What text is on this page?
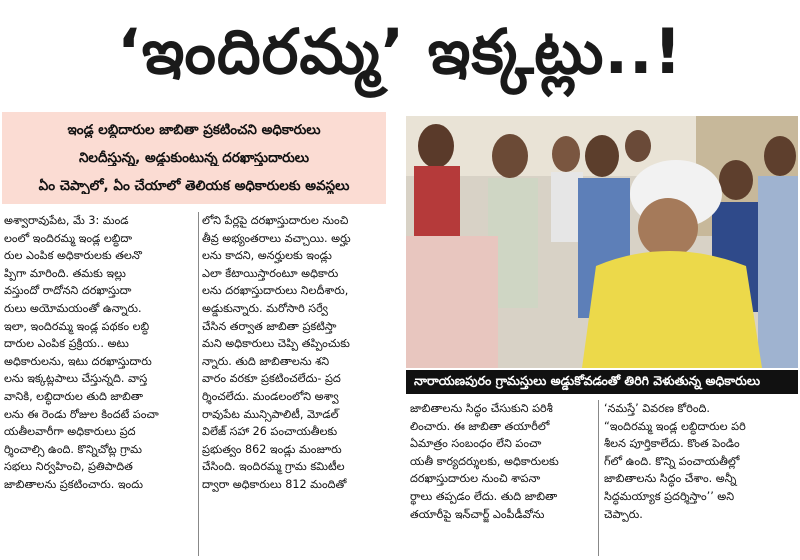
‘ఇందిరమ్మ’ ఇక్కట్లు..!
ఇండ్ల లబ్ధిదారుల జాబితా ప్రకటించని అధికారులు
నిలదీస్తున్న, అడ్డుకుంటున్న దరఖాస్తుదారులు
ఏం చెప్పాలో, ఏం చేయాలో తెలియక అధికారులకు అవస్థలు
నారాయణపురం గ్రామస్తులు అడ్డుకోవడంతో తిరిగి వెళుతున్న అధికారులు

అశ్వారావుపేట, మే 3: మండ

లంలో ఇందిరమ్మ ఇండ్ల లబ్ధిదా

రుల ఎంపిక అధికారులకు తలనొ

ప్పిగా మారింది. తమకు ఇల్లు

వస్తుందో రాదోనని దరఖాస్తుదా

రులు అయోమయంతో ఉన్నారు.

ఇలా, ఇందిరమ్మ ఇండ్ల పథకం లబ్ధి

దారుల ఎంపిక ప్రక్రియ.. అటు

అధికారులను, ఇటు దరఖాస్తుదారు

లను ఇక్కట్లపాలు చేస్తున్నది. వాస్త

వానికి, లబ్ధిదారుల తుది జాబితా

లను ఈ రెండు రోజుల కిందటే పంచా

యతీలవారీగా అధికారులు ప్రద

ర్శించాల్సి ఉంది. కొన్నిచోట్ల గ్రామ

సభలు నిర్వహించి, ప్రతిపాదిత

జాబితాలను ప్రకటించారు. ఇందు

లోని పేర్లపై దరఖాస్తుదారుల నుంచి

తీవ్ర అభ్యంతరాలు వచ్చాయి. అర్హు

లను కాదని, అనర్హులకు ఇండ్లు

ఎలా కేటాయిస్తారంటూ అధికారు

లను దరఖాస్తుదారులు నిలదీశారు,

అడ్డుకున్నారు. మరోసారి సర్వే

చేసిన తర్వాత జాబితా ప్రకటిస్తా

మని అధికారులు చెప్పి తప్పించుకు

న్నారు. తుది జాబితాలను శని

వారం వరకూ ప్రకటించలేదు- ప్రద

ర్శించలేదు. మండలంలోని అశ్వా

రావుపేట మున్సిపాలిటీ, మోడల్

విలేజ్ సహా 26 పంచాయతీలకు

ప్రభుత్వం 862 ఇండ్లు మంజూరు

చేసింది. ఇందిరమ్మ గ్రామ కమిటీల

ద్వారా అధికారులు 812 మందితో

జాబితాలను సిద్ధం చేసుకుని పరిశీ

లించారు. ఈ జాబితా తయారీలో

ఏమాత్రం సంబంధం లేని పంచా

యతీ కార్యదర్శులకు, అధికారులకు

దరఖాస్తుదారుల నుంచి శాపనా

ర్థాలు తప్పడం లేదు. తుది జాబితా

తయారీపై ఇన్‌చార్జ్ ఎంపీడీవోను

‘నమస్తే’ వివరణ కోరింది.

“ఇందిరమ్మ ఇండ్ల లబ్ధిదారుల పరి

శీలన పూర్తికాలేదు. కొంత పెండిం

గ్‌లో ఉంది. కొన్ని పంచాయతీల్లో

జాబితాలను సిద్ధం చేశాం. అన్నీ

సిద్ధమయ్యాక ప్రదర్శిస్తాం’’ అని

చెప్పారు.
